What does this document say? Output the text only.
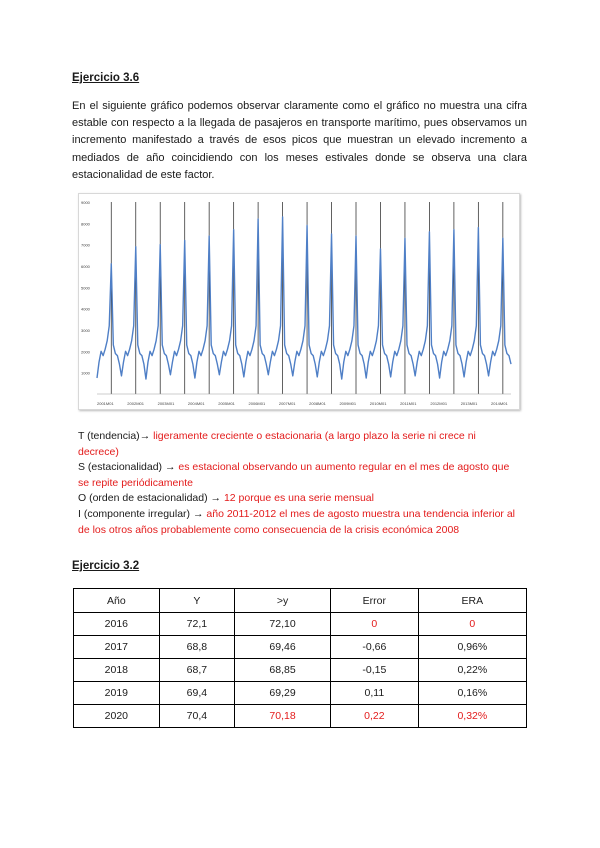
Ejercicio 3.6
En el siguiente gráfico podemos observar claramente como el gráfico no muestra una cifra estable con respecto a la llegada de pasajeros en transporte marítimo, pues observamos un incremento manifestado a través de esos picos que muestran un elevado incremento a mediados de año coincidiendo con los meses estivales donde se observa una clara estacionalidad de este factor.
1000
2000
3000
4000
5000
6000
7000
8000
9000
2001M01	2002M01	2003M01	2004M01	2005M01	2006M01	2007M01	2008M01	2009M01	2010M01	2011M01	2012M01	2013M01	2014M01

T (tendencia)→ ligeramente creciente o estacionaria (a largo plazo la serie ni crece ni decrece)

S (estacionalidad) → es estacional observando un aumento regular en el mes de agosto que se repite periódicamente

O (orden de estacionalidad) → 12 porque es una serie mensual

I (componente irregular) → año 2011-2012 el mes de agosto muestra una tendencia inferior al de los otros años probablemente como consecuencia de la crisis económica 2008

Ejercicio 3.2
Año	Y	>y	Error	ERA
2016	72,1	72,10	0	0
2017	68,8	69,46	-0,66	0,96%
2018	68,7	68,85	-0,15	0,22%
2019	69,4	69,29	0,11	0,16%
2020	70,4	70,18	0,22	0,32%
